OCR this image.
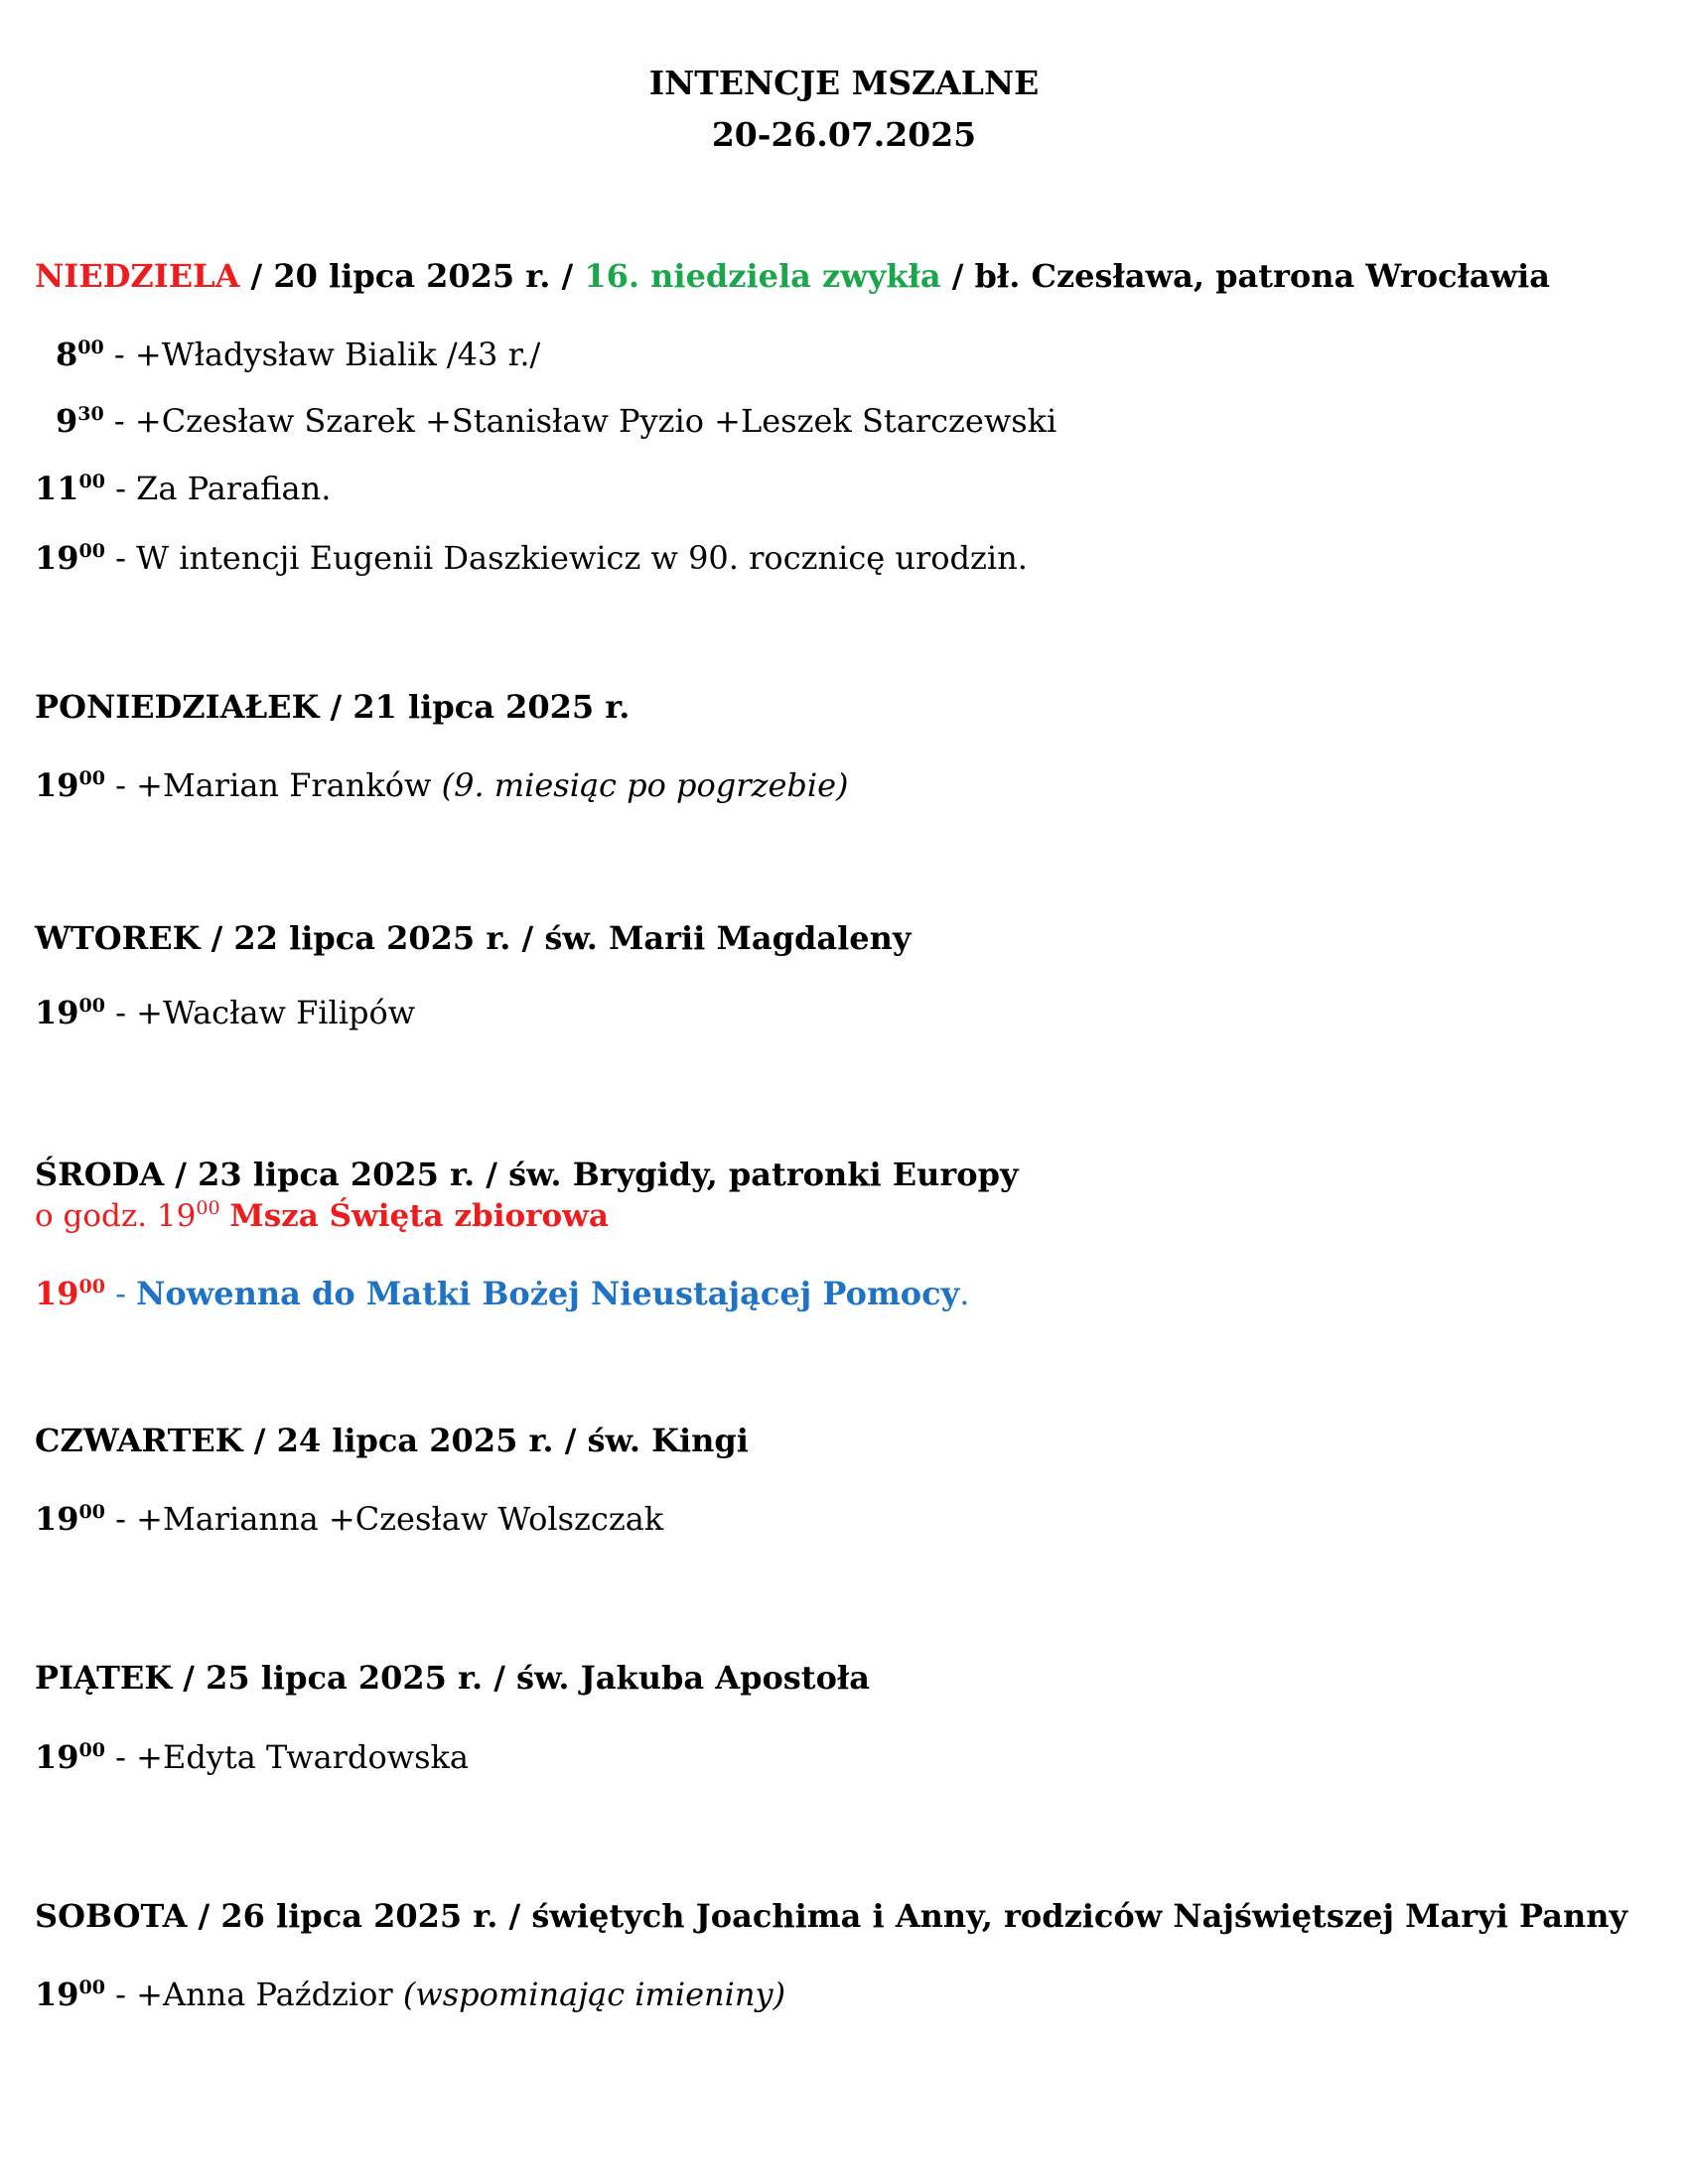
INTENCJE MSZALNE
20-26.07.2025
NIEDZIELA / 20 lipca 2025 r. / 16. niedziela zwykła / bł. Czesława, patrona Wrocławia
$8^{00}$ - +Władysław Bialik /43 r./
$9^{30}$ - +Czesław Szarek +Stanisław Pyzio +Leszek Starczewski
$11^{00}$ - Za Parafian.
$19^{00}$ - W intencji Eugenii Daszkiewicz w 90. rocznicę urodzin.
PONIEDZIAŁEK / 21 lipca 2025 r.
$19^{00}$ - +Marian Franków (9. miesiąc po pogrzebie)
WTOREK / 22 lipca 2025 r. / św. Marii Magdaleny
$19^{00}$ - +Wacław Filipów
ŚRODA / 23 lipca 2025 r. / św. Brygidy, patronki Europy
o godz. $19^{00}$ Msza Święta zbiorowa
$19^{00}$ - Nowenna do Matki Bożej Nieustającej Pomocy.
CZWARTEK / 24 lipca 2025 r. / św. Kingi
$19^{00}$ - +Marianna +Czesław Wolszczak
PIĄTEK / 25 lipca 2025 r. / św. Jakuba Apostoła
$19^{00}$ - +Edyta Twardowska
SOBOTA / 26 lipca 2025 r. / świętych Joachima i Anny, rodziców Najświętszej Maryi Panny
$19^{00}$ - +Anna Paździor (wspominając imieniny)
